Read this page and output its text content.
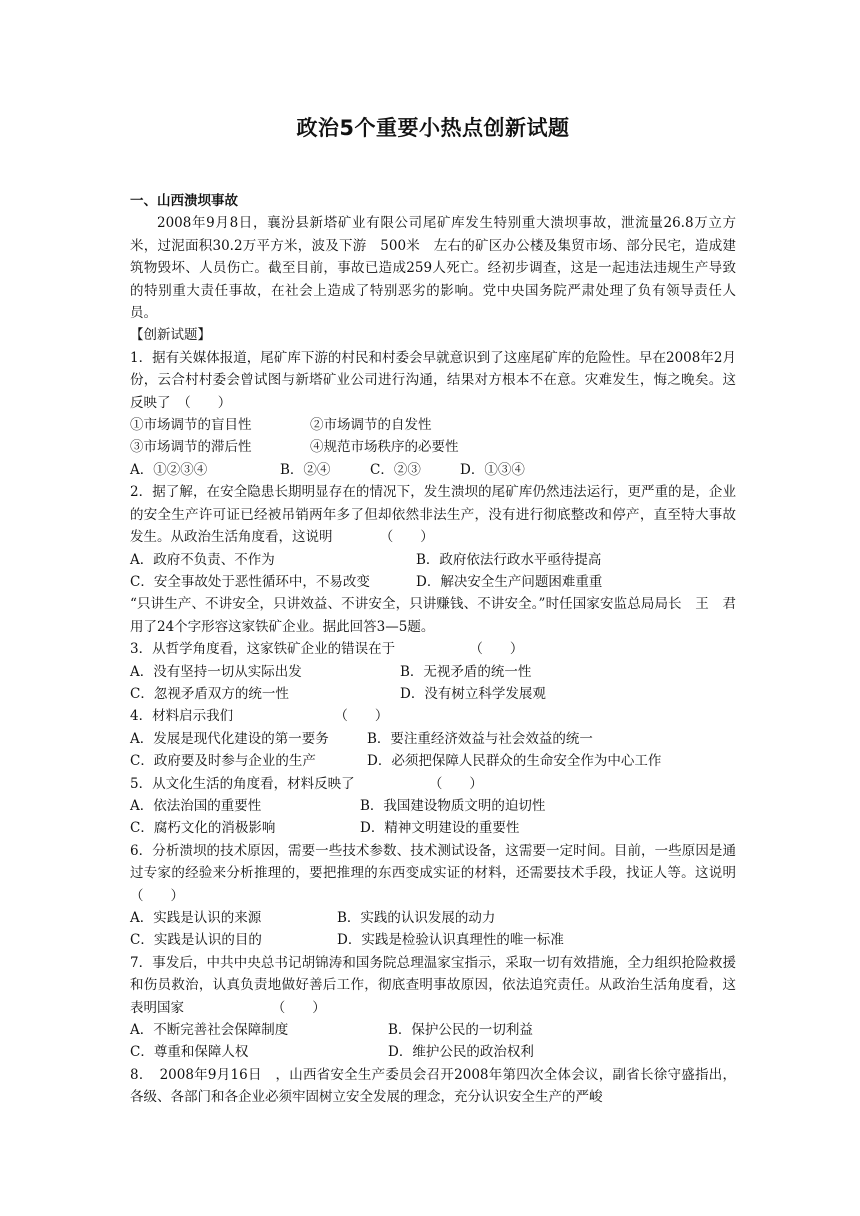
政治5个重要小热点创新试题

一、山西溃坝事故

2008年9月8日，襄汾县新塔矿业有限公司尾矿库发生特别重大溃坝事故，泄流量26.8万立方米，过泥面积30.2万平方米，波及下游　500米　左右的矿区办公楼及集贸市场、部分民宅，造成建筑物毁坏、人员伤亡。截至目前，事故已造成259人死亡。经初步调查，这是一起违法违规生产导致的特别重大责任事故，在社会上造成了特别恶劣的影响。党中央国务院严肃处理了负有领导责任人员。

【创新试题】

1．据有关媒体报道，尾矿库下游的村民和村委会早就意识到了这座尾矿库的危险性。早在2008年2月份，云合村村委会曾试图与新塔矿业公司进行沟通，结果对方根本不在意。灾难发生，悔之晚矣。这反映了　（　　）

①市场调节的盲目性	②市场调节的自发性
③市场调节的滞后性	④规范市场秩序的必要性
A．①②③④	B．②④	C．②③	D．①③④

2．据了解，在安全隐患长期明显存在的情况下，发生溃坝的尾矿库仍然违法运行，更严重的是，企业的安全生产许可证已经被吊销两年多了但却依然非法生产，没有进行彻底整改和停产，直至特大事故发生。从政治生活角度看，这说明　　　　（　　）

A．政府不负责、不作为	B．政府依法行政水平亟待提高
C．安全事故处于恶性循环中，不易改变	D．解决安全生产问题困难重重

“只讲生产、不讲安全，只讲效益、不讲安全，只讲赚钱、不讲安全。”时任国家安监总局局长　王　君用了24个字形容这家铁矿企业。据此回答3—5题。

3．从哲学角度看，这家铁矿企业的错误在于　　　　　　（　　）

A．没有坚持一切从实际出发	B．无视矛盾的统一性
C．忽视矛盾双方的统一性	D．没有树立科学发展观

4．材料启示我们　　　　　　　　（　　）

A．发展是现代化建设的第一要务	B．要注重经济效益与社会效益的统一
C．政府要及时参与企业的生产	D．必须把保障人民群众的生命安全作为中心工作

5．从文化生活的角度看，材料反映了　　　　　　（　　）

A．依法治国的重要性	B．我国建设物质文明的迫切性
C．腐朽文化的消极影响	D．精神文明建设的重要性

6．分析溃坝的技术原因，需要一些技术参数、技术测试设备，这需要一定时间。目前，一些原因是通过专家的经验来分析推理的，要把推理的东西变成实证的材料，还需要技术手段，找证人等。这说明　　　　　　　（　　）

A．实践是认识的来源	B．实践的认识发展的动力
C．实践是认识的目的	D．实践是检验认识真理性的唯一标准

7．事发后，中共中央总书记胡锦涛和国务院总理温家宝指示，采取一切有效措施，全力组织抢险救援和伤员救治，认真负责地做好善后工作，彻底查明事故原因，依法追究责任。从政治生活角度看，这表明国家　　　　　　　（　　）

A．不断完善社会保障制度	B．保护公民的一切利益
C．尊重和保障人权	D．维护公民的政治权利

8．　2008年9月16日　，山西省安全生产委员会召开2008年第四次全体会议，副省长徐守盛指出，各级、各部门和各企业必须牢固树立安全发展的理念，充分认识安全生产的严峻
